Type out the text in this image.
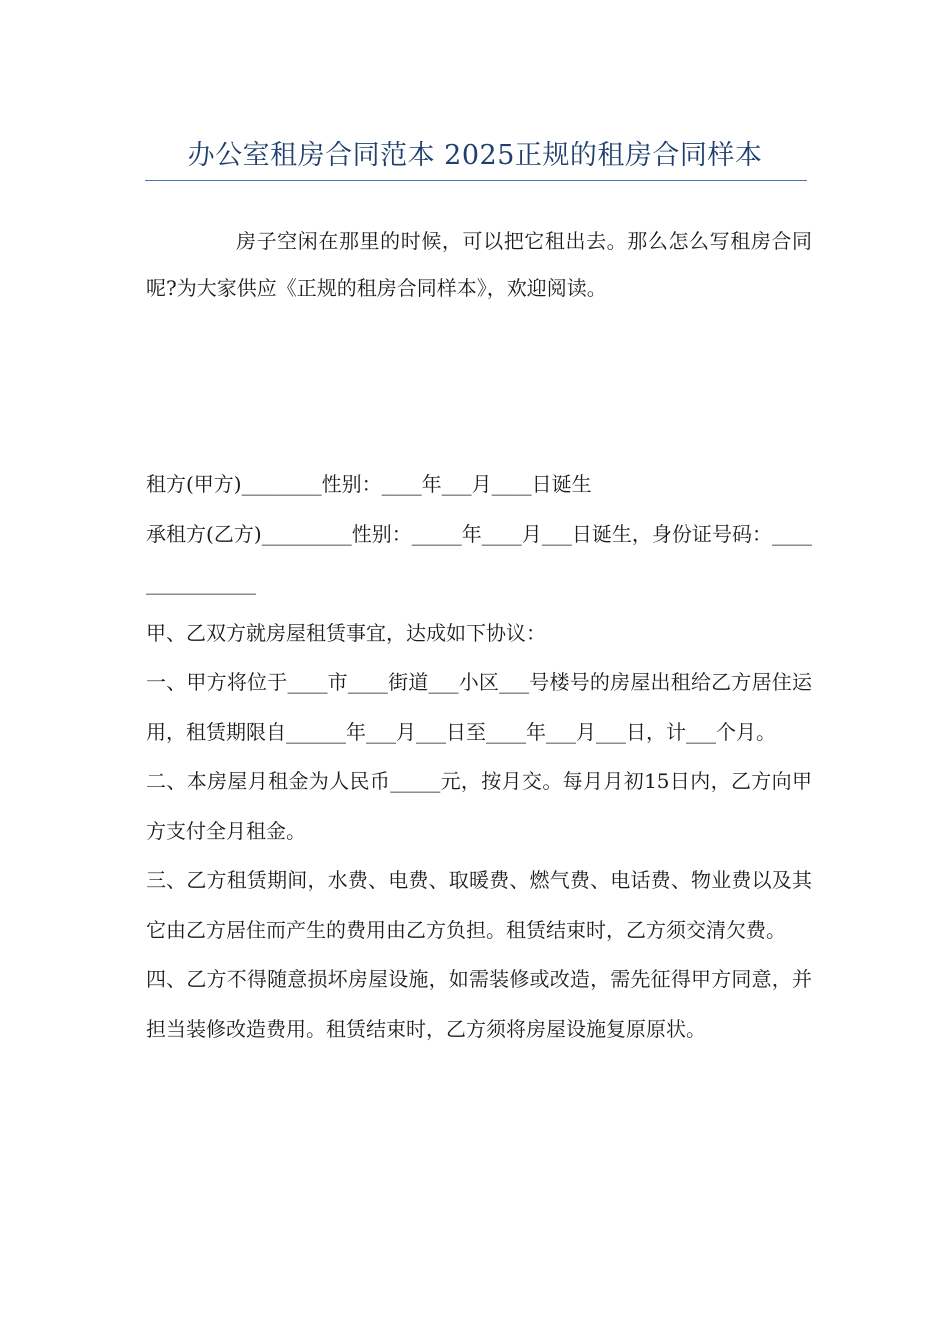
办公室租房合同范本 2025正规的租房合同样本

房子空闲在那里的时候，可以把它租出去。那么怎么写租房合同呢?为大家供应《正规的租房合同样本》，欢迎阅读。

租方(甲方)________性别：____年___月____日诞生

承租方(乙方)_________性别：_____年____月___日诞生，身份证号码：_______________

甲、乙双方就房屋租赁事宜，达成如下协议：

一、甲方将位于____市____街道___小区___号楼号的房屋出租给乙方居住运用，租赁期限自______年___月___日至____年___月___日，计___个月。

二、本房屋月租金为人民币_____元，按月交。每月月初15日内，乙方向甲方支付全月租金。

三、乙方租赁期间，水费、电费、取暖费、燃气费、电话费、物业费以及其它由乙方居住而产生的费用由乙方负担。租赁结束时，乙方须交清欠费。

四、乙方不得随意损坏房屋设施，如需装修或改造，需先征得甲方同意，并担当装修改造费用。租赁结束时，乙方须将房屋设施复原原状。
